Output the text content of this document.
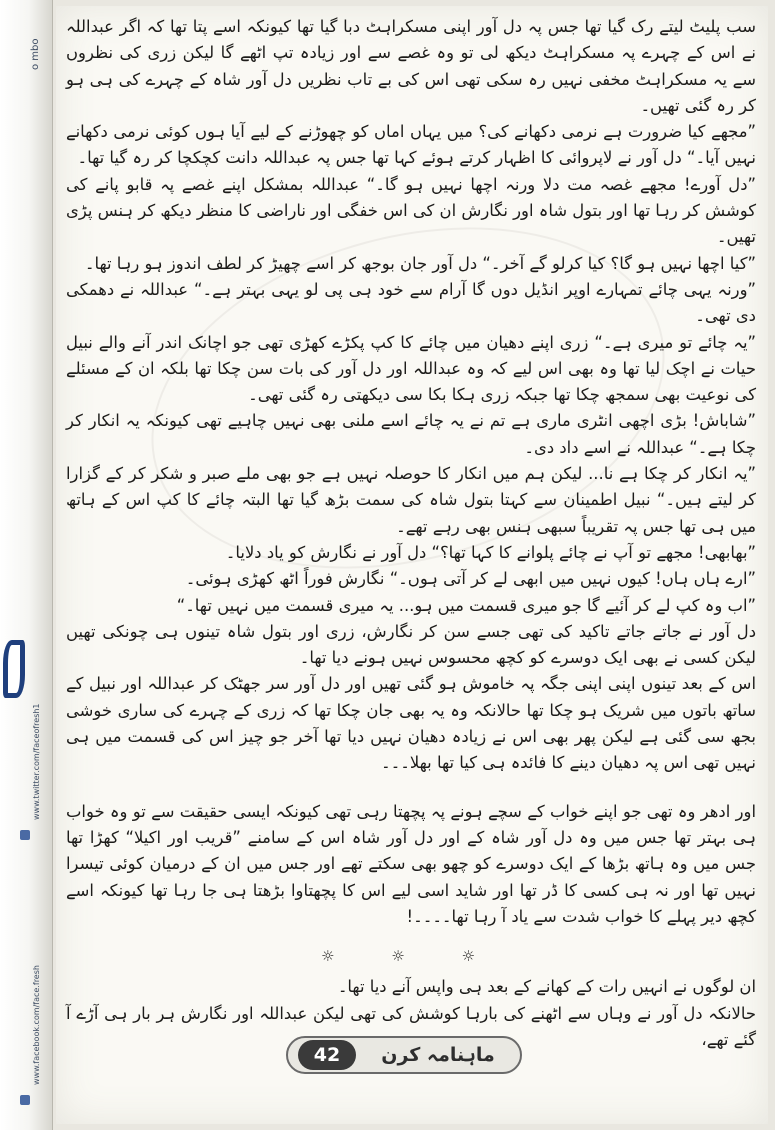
o mbo
www.twitter.com/faceofresh1
www.facebook.com/face.fresh

سب پلیٹ لیتے رک گیا تھا جس پہ دل آور اپنی مسکراہٹ دبا گیا تھا کیونکہ اسے پتا تھا کہ اگر عبداللہ نے اس کے چہرے پہ مسکراہٹ دیکھ لی تو وہ غصے سے اور زیادہ تپ اٹھے گا لیکن زری کی نظروں سے یہ مسکراہٹ مخفی نہیں رہ سکی تھی اس کی بے تاب نظریں دل آور شاہ کے چہرے کی ہی ہو کر رہ گئی تھیں۔

”مجھے کیا ضرورت ہے نرمی دکھانے کی؟ میں یہاں اماں کو چھوڑنے کے لیے آیا ہوں کوئی نرمی دکھانے نہیں آیا۔“ دل آور نے لاپروائی کا اظہار کرتے ہوئے کہا تھا جس پہ عبداللہ دانت کچکچا کر رہ گیا تھا۔

”دل آورے! مجھے غصہ مت دلا ورنہ اچھا نہیں ہو گا۔“ عبداللہ بمشکل اپنے غصے پہ قابو پانے کی کوشش کر رہا تھا اور بتول شاہ اور نگارش ان کی اس خفگی اور ناراضی کا منظر دیکھ کر ہنس پڑی تھیں۔

”کیا اچھا نہیں ہو گا؟ کیا کرلو گے آخر۔“ دل آور جان بوجھ کر اسے چھیڑ کر لطف اندوز ہو رہا تھا۔

”ورنہ یہی چائے تمہارے اوپر انڈیل دوں گا آرام سے خود ہی پی لو یہی بہتر ہے۔“ عبداللہ نے دھمکی دی تھی۔

”یہ چائے تو میری ہے۔“ زری اپنے دھیان میں چائے کا کپ پکڑے کھڑی تھی جو اچانک اندر آنے والے نبیل حیات نے اچک لیا تھا وہ بھی اس لیے کہ وہ عبداللہ اور دل آور کی بات سن چکا تھا بلکہ ان کے مسئلے کی نوعیت بھی سمجھ چکا تھا جبکہ زری ہکا بکا سی دیکھتی رہ گئی تھی۔

”شاباش! بڑی اچھی انٹری ماری ہے تم نے یہ چائے اسے ملنی بھی نہیں چاہیے تھی کیونکہ یہ انکار کر چکا ہے۔“ عبداللہ نے اسے داد دی۔

”یہ انکار کر چکا ہے نا... لیکن ہم میں انکار کا حوصلہ نہیں ہے جو بھی ملے صبر و شکر کر کے گزارا کر لیتے ہیں۔“ نبیل اطمینان سے کہتا بتول شاہ کی سمت بڑھ گیا تھا البتہ چائے کا کپ اس کے ہاتھ میں ہی تھا جس پہ تقریباً سبھی ہنس بھی رہے تھے۔

”بھابھی! مجھے تو آپ نے چائے پلوانے کا کہا تھا؟“ دل آور نے نگارش کو یاد دلایا۔

”ارے ہاں ہاں! کیوں نہیں میں ابھی لے کر آتی ہوں۔“ نگارش فوراً اٹھ کھڑی ہوئی۔

”اب وہ کپ لے کر آئیے گا جو میری قسمت میں ہو... یہ میری قسمت میں نہیں تھا۔“

دل آور نے جاتے جاتے تاکید کی تھی جسے سن کر نگارش، زری اور بتول شاہ تینوں ہی چونکی تھیں لیکن کسی نے بھی ایک دوسرے کو کچھ محسوس نہیں ہونے دیا تھا۔

اس کے بعد تینوں اپنی اپنی جگہ پہ خاموش ہو گئی تھیں اور دل آور سر جھٹک کر عبداللہ اور نبیل کے ساتھ باتوں میں شریک ہو چکا تھا حالانکہ وہ یہ بھی جان چکا تھا کہ زری کے چہرے کی ساری خوشی بجھ سی گئی ہے لیکن پھر بھی اس نے زیادہ دھیان نہیں دیا تھا آخر جو چیز اس کی قسمت میں ہی نہیں تھی اس پہ دھیان دینے کا فائدہ ہی کیا تھا بھلا۔۔۔

اور ادھر وہ تھی جو اپنے خواب کے سچے ہونے پہ پچھتا رہی تھی کیونکہ ایسی حقیقت سے تو وہ خواب ہی بہتر تھا جس میں وہ دل آور شاہ کے اور دل آور شاہ اس کے سامنے ”قریب اور اکیلا“ کھڑا تھا جس میں وہ ہاتھ بڑھا کے ایک دوسرے کو چھو بھی سکتے تھے اور جس میں ان کے درمیان کوئی تیسرا نہیں تھا اور نہ ہی کسی کا ڈر تھا اور شاید اسی لیے اس کا پچھتاوا بڑھتا ہی جا رہا تھا کیونکہ اسے کچھ دیر پہلے کا خواب شدت سے یاد آ رہا تھا۔۔۔۔!

☼ ☼ ☼

ان لوگوں نے انہیں رات کے کھانے کے بعد ہی واپس آنے دیا تھا۔

حالانکہ دل آور نے وہاں سے اٹھنے کی بارہا کوشش کی تھی لیکن عبداللہ اور نگارش ہر بار ہی آڑے آ گئے تھے،

42	ماہنامہ کرن
